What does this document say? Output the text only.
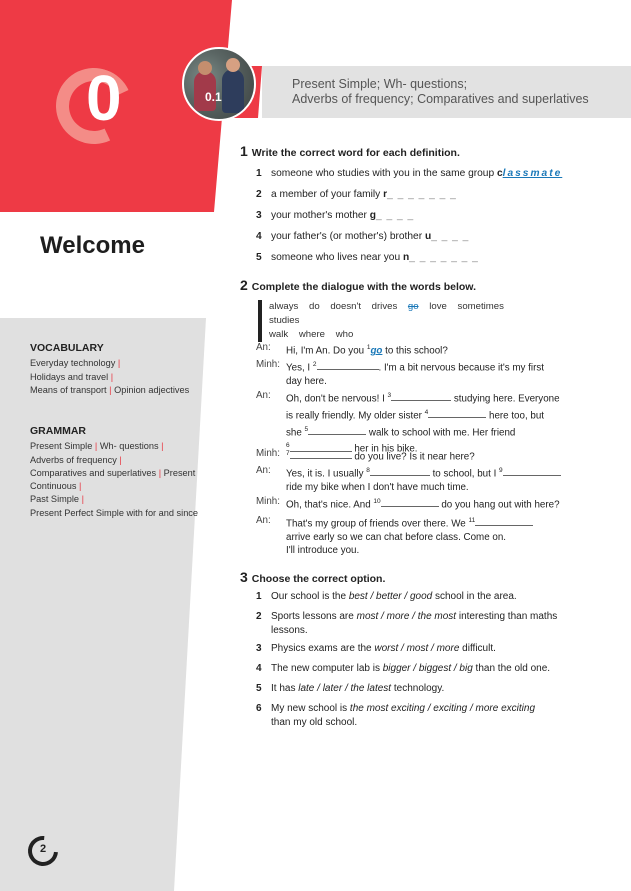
0	0.1
Present Simple; Wh- questions;
Adverbs of frequency; Comparatives and superlatives
Welcome
VOCABULARY
Everyday technology |
Holidays and travel |
Means of transport | Opinion adjectives
GRAMMAR
Present Simple | Wh- questions |
Adverbs of frequency |
Comparatives and superlatives | Present Continuous |
Past Simple |
Present Perfect Simple with for and since
2
1 Write the correct word for each definition.
1 someone who studies with you in the same group classmate
2 a member of your family r_ _ _ _ _ _ _
3 your mother's mother g_ _ _ _
4 your father's (or mother's) brother u_ _ _ _
5 someone who lives near you n_ _ _ _ _ _ _
2 Complete the dialogue with the words below.
always do doesn't drives go love sometimes studies
walk where who
An: Hi, I'm An. Do you $^1$go to this school?
Minh: Yes, I $^2$	. I'm a bit nervous because it's my first
day here.
An: Oh, don't be nervous! I $^3$	studying here. Everyone
is really friendly. My older sister $^4$	here too, but
she $^5$	walk to school with me. Her friend
$^6$	her in his bike.
Minh: $^7$	do you live? Is it near here?
An: Yes, it is. I usually $^8$	to school, but I $^9$
ride my bike when I don't have much time.
Minh: Oh, that's nice. And $^{10}$	do you hang out with here?
An: That's my group of friends over there. We $^{11}$
arrive early so we can chat before class. Come on.
I'll introduce you.
3 Choose the correct option.
1 Our school is the best / better / good school in the area.
2 Sports lessons are most / more / the most interesting than maths
lessons.
3 Physics exams are the worst / most / more difficult.
4 The new computer lab is bigger / biggest / big than the old one.
5 It has late / later / the latest technology.
6 My new school is the most exciting / exciting / more exciting
than my old school.
